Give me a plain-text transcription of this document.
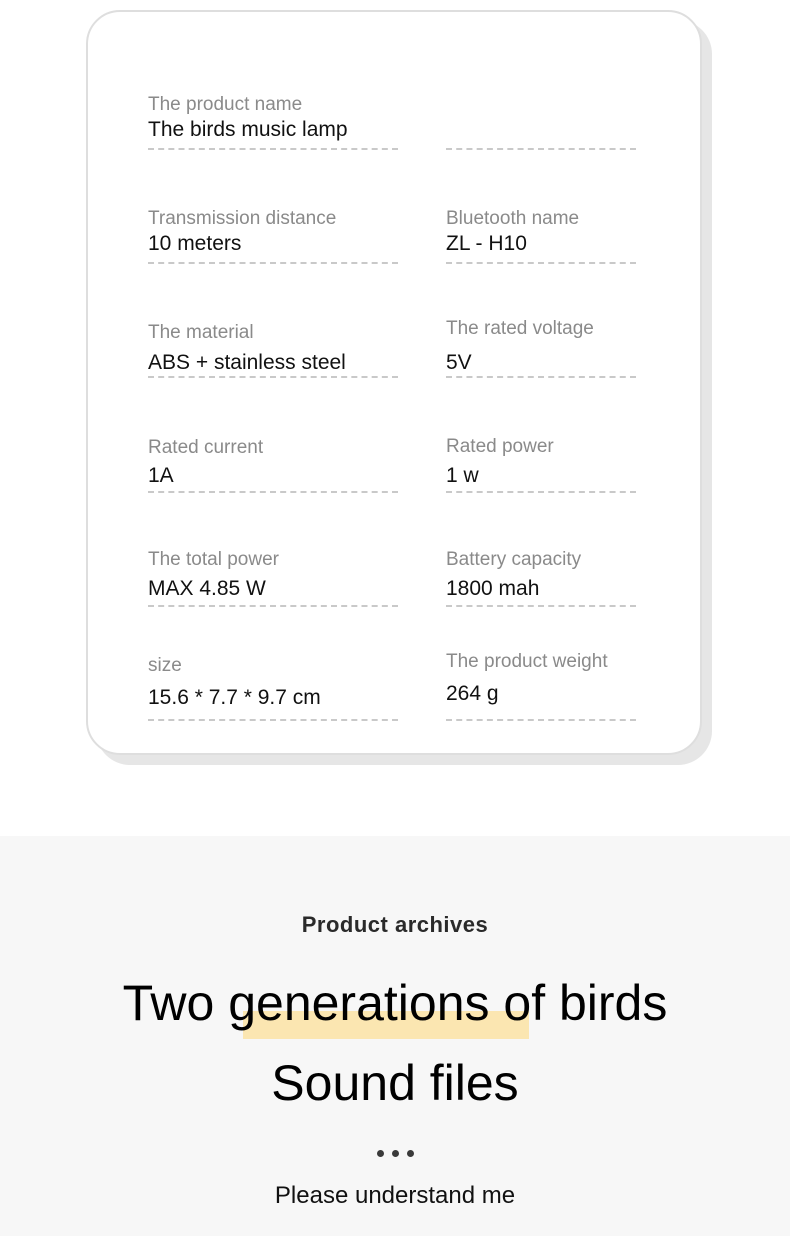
The product name
The birds music lamp
Transmission distance
10 meters
Bluetooth name
ZL - H10
The material
ABS + stainless steel
The rated voltage
5V
Rated current
1A
Rated power
1 w
The total power
MAX 4.85 W
Battery capacity
1800 mah
size
15.6 * 7.7 * 9.7 cm
The product weight
264 g
Product archives
Two generations of birds
Sound files
Please understand me
